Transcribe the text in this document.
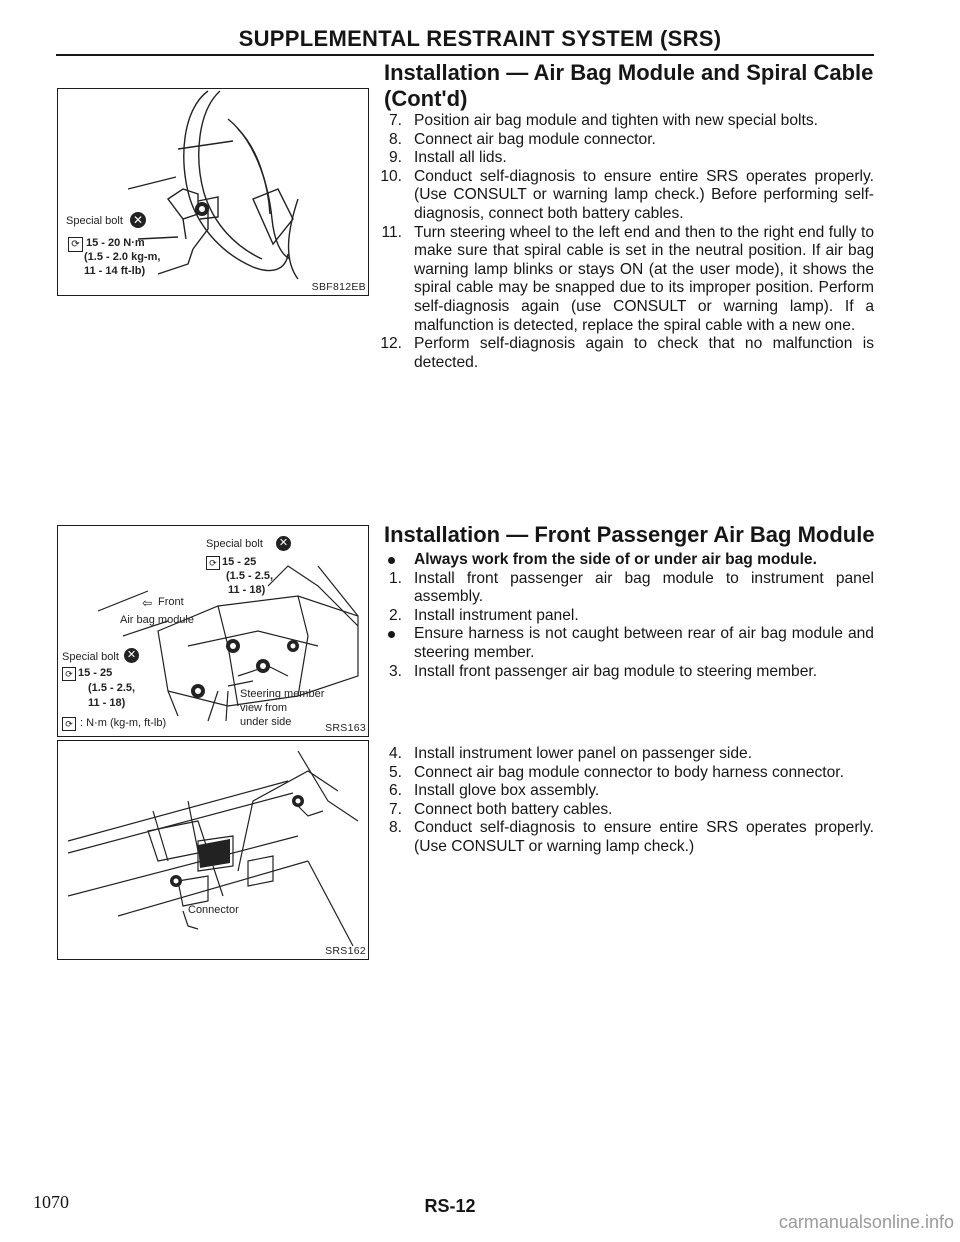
SUPPLEMENTAL RESTRAINT SYSTEM (SRS)
Installation — Air Bag Module and Spiral Cable
(Cont'd)
7. Position air bag module and tighten with new special bolts.
8. Connect air bag module connector.
9. Install all lids.
10. Conduct self-diagnosis to ensure entire SRS operates properly. (Use CONSULT or warning lamp check.) Before performing self-diagnosis, connect both battery cables.
11. Turn steering wheel to the left end and then to the right end fully to make sure that spiral cable is set in the neutral position. If air bag warning lamp blinks or stays ON (at the user mode), it shows the spiral cable may be snapped due to its improper position. Perform self-diagnosis again (use CONSULT or warning lamp). If a malfunction is detected, replace the spiral cable with a new one.
12. Perform self-diagnosis again to check that no malfunction is detected.
Special bolt ✕
⟳ 15 - 20 N·m
(1.5 - 2.0 kg-m,
11 - 14 ft-lb)
SBF812EB
Installation — Front Passenger Air Bag Module
Always work from the side of or under air bag module.
1. Install front passenger air bag module to instrument panel assembly.
2. Install instrument panel.
Ensure harness is not caught between rear of air bag module and steering member.
3. Install front passenger air bag module to steering member.
Special bolt ✕
⟳ 15 - 25
(1.5 - 2.5,
11 - 18)
⇦ Front
Air bag module
Special bolt ✕
⟳ 15 - 25
(1.5 - 2.5,
11 - 18)
Steering member
view from
under side
⟳ : N·m (kg-m, ft-lb)	SRS163
Connector
SRS162
4. Install instrument lower panel on passenger side.
5. Connect air bag module connector to body harness connector.
6. Install glove box assembly.
7. Connect both battery cables.
8. Conduct self-diagnosis to ensure entire SRS operates properly. (Use CONSULT or warning lamp check.)
1070	RS-12
carmanualsonline.info
